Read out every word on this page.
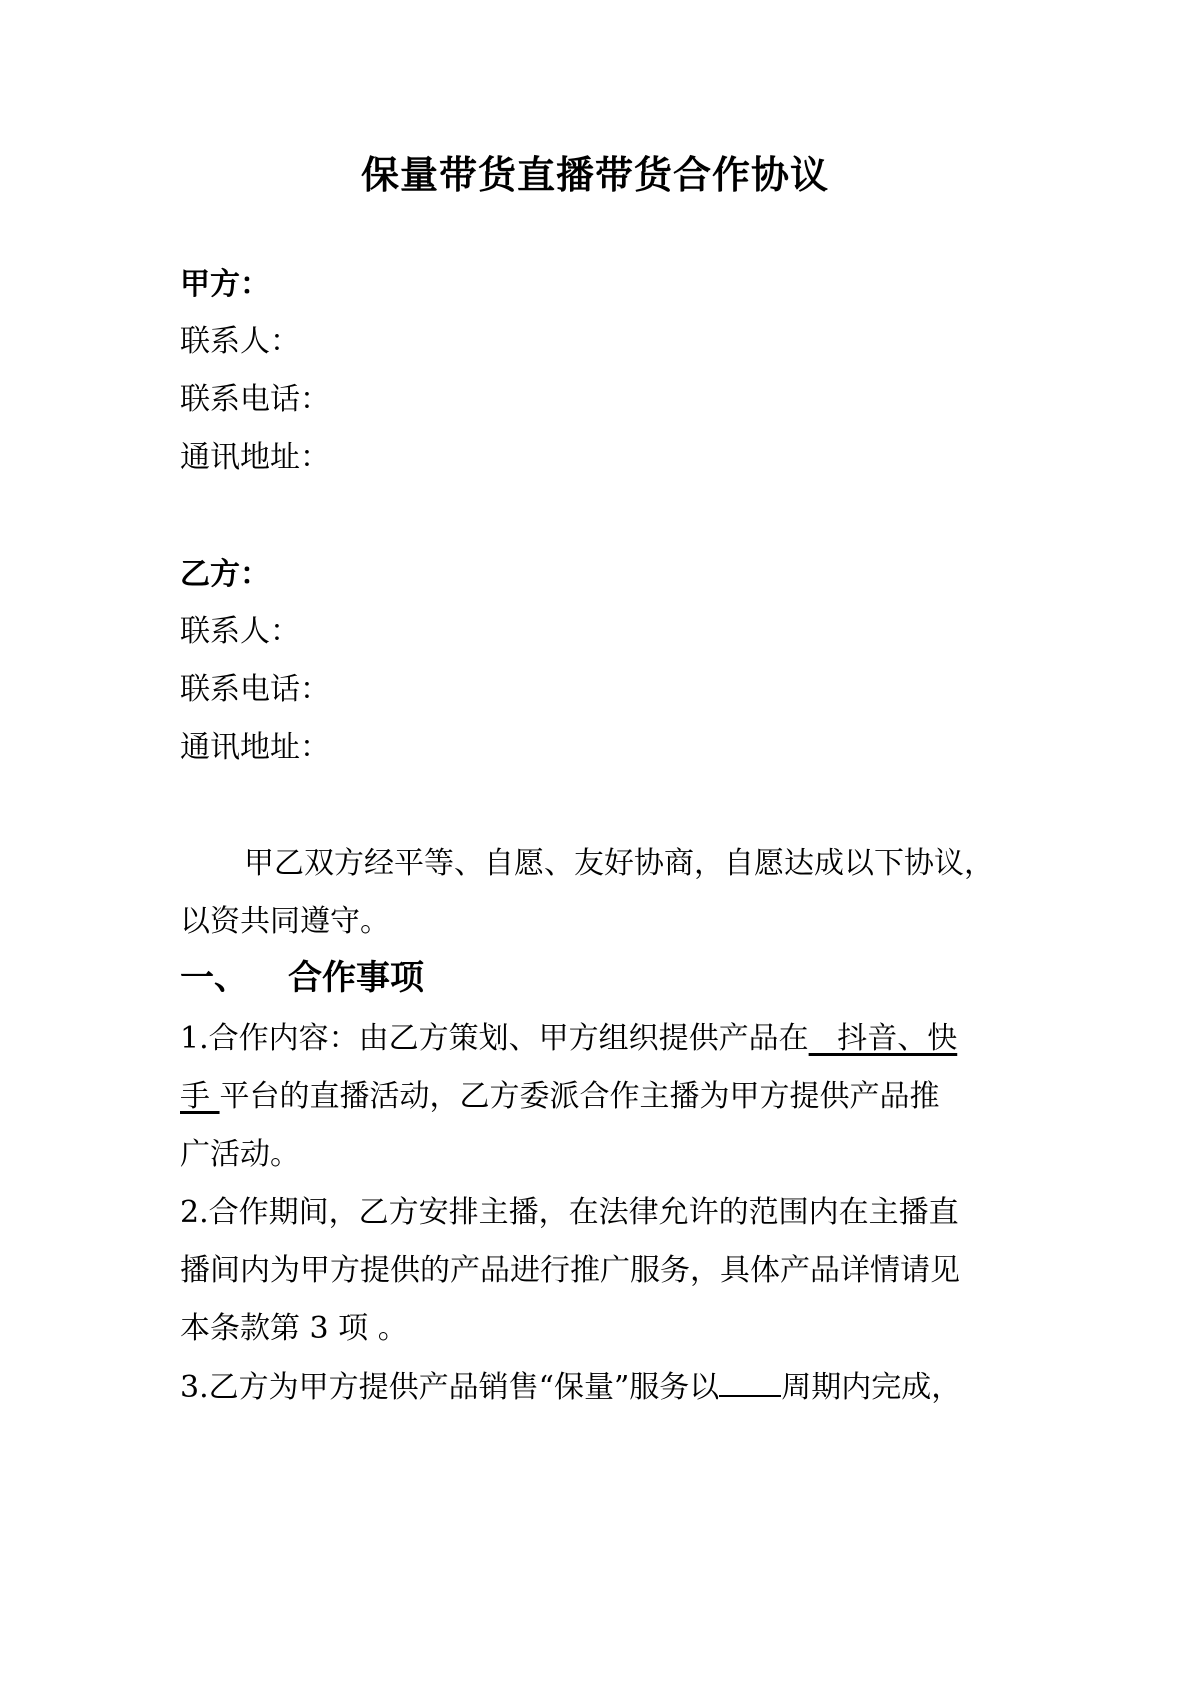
保量带货直播带货合作协议
甲方：
联系人：
联系电话：
通讯地址：
乙方：
联系人：
联系电话：
通讯地址：
甲乙双方经平等、自愿、友好协商，自愿达成以下协议，
以资共同遵守。
一、 合作事项
1.合作内容：由乙方策划、甲方组织提供产品在   抖音、快
手 平台的直播活动，乙方委派合作主播为甲方提供产品推
广活动。
2.合作期间，乙方安排主播，在法律允许的范围内在主播直
播间内为甲方提供的产品进行推广服务，具体产品详情请见
本条款第 3 项 。
3.乙方为甲方提供产品销售“保量”服务以 周期内完成，
